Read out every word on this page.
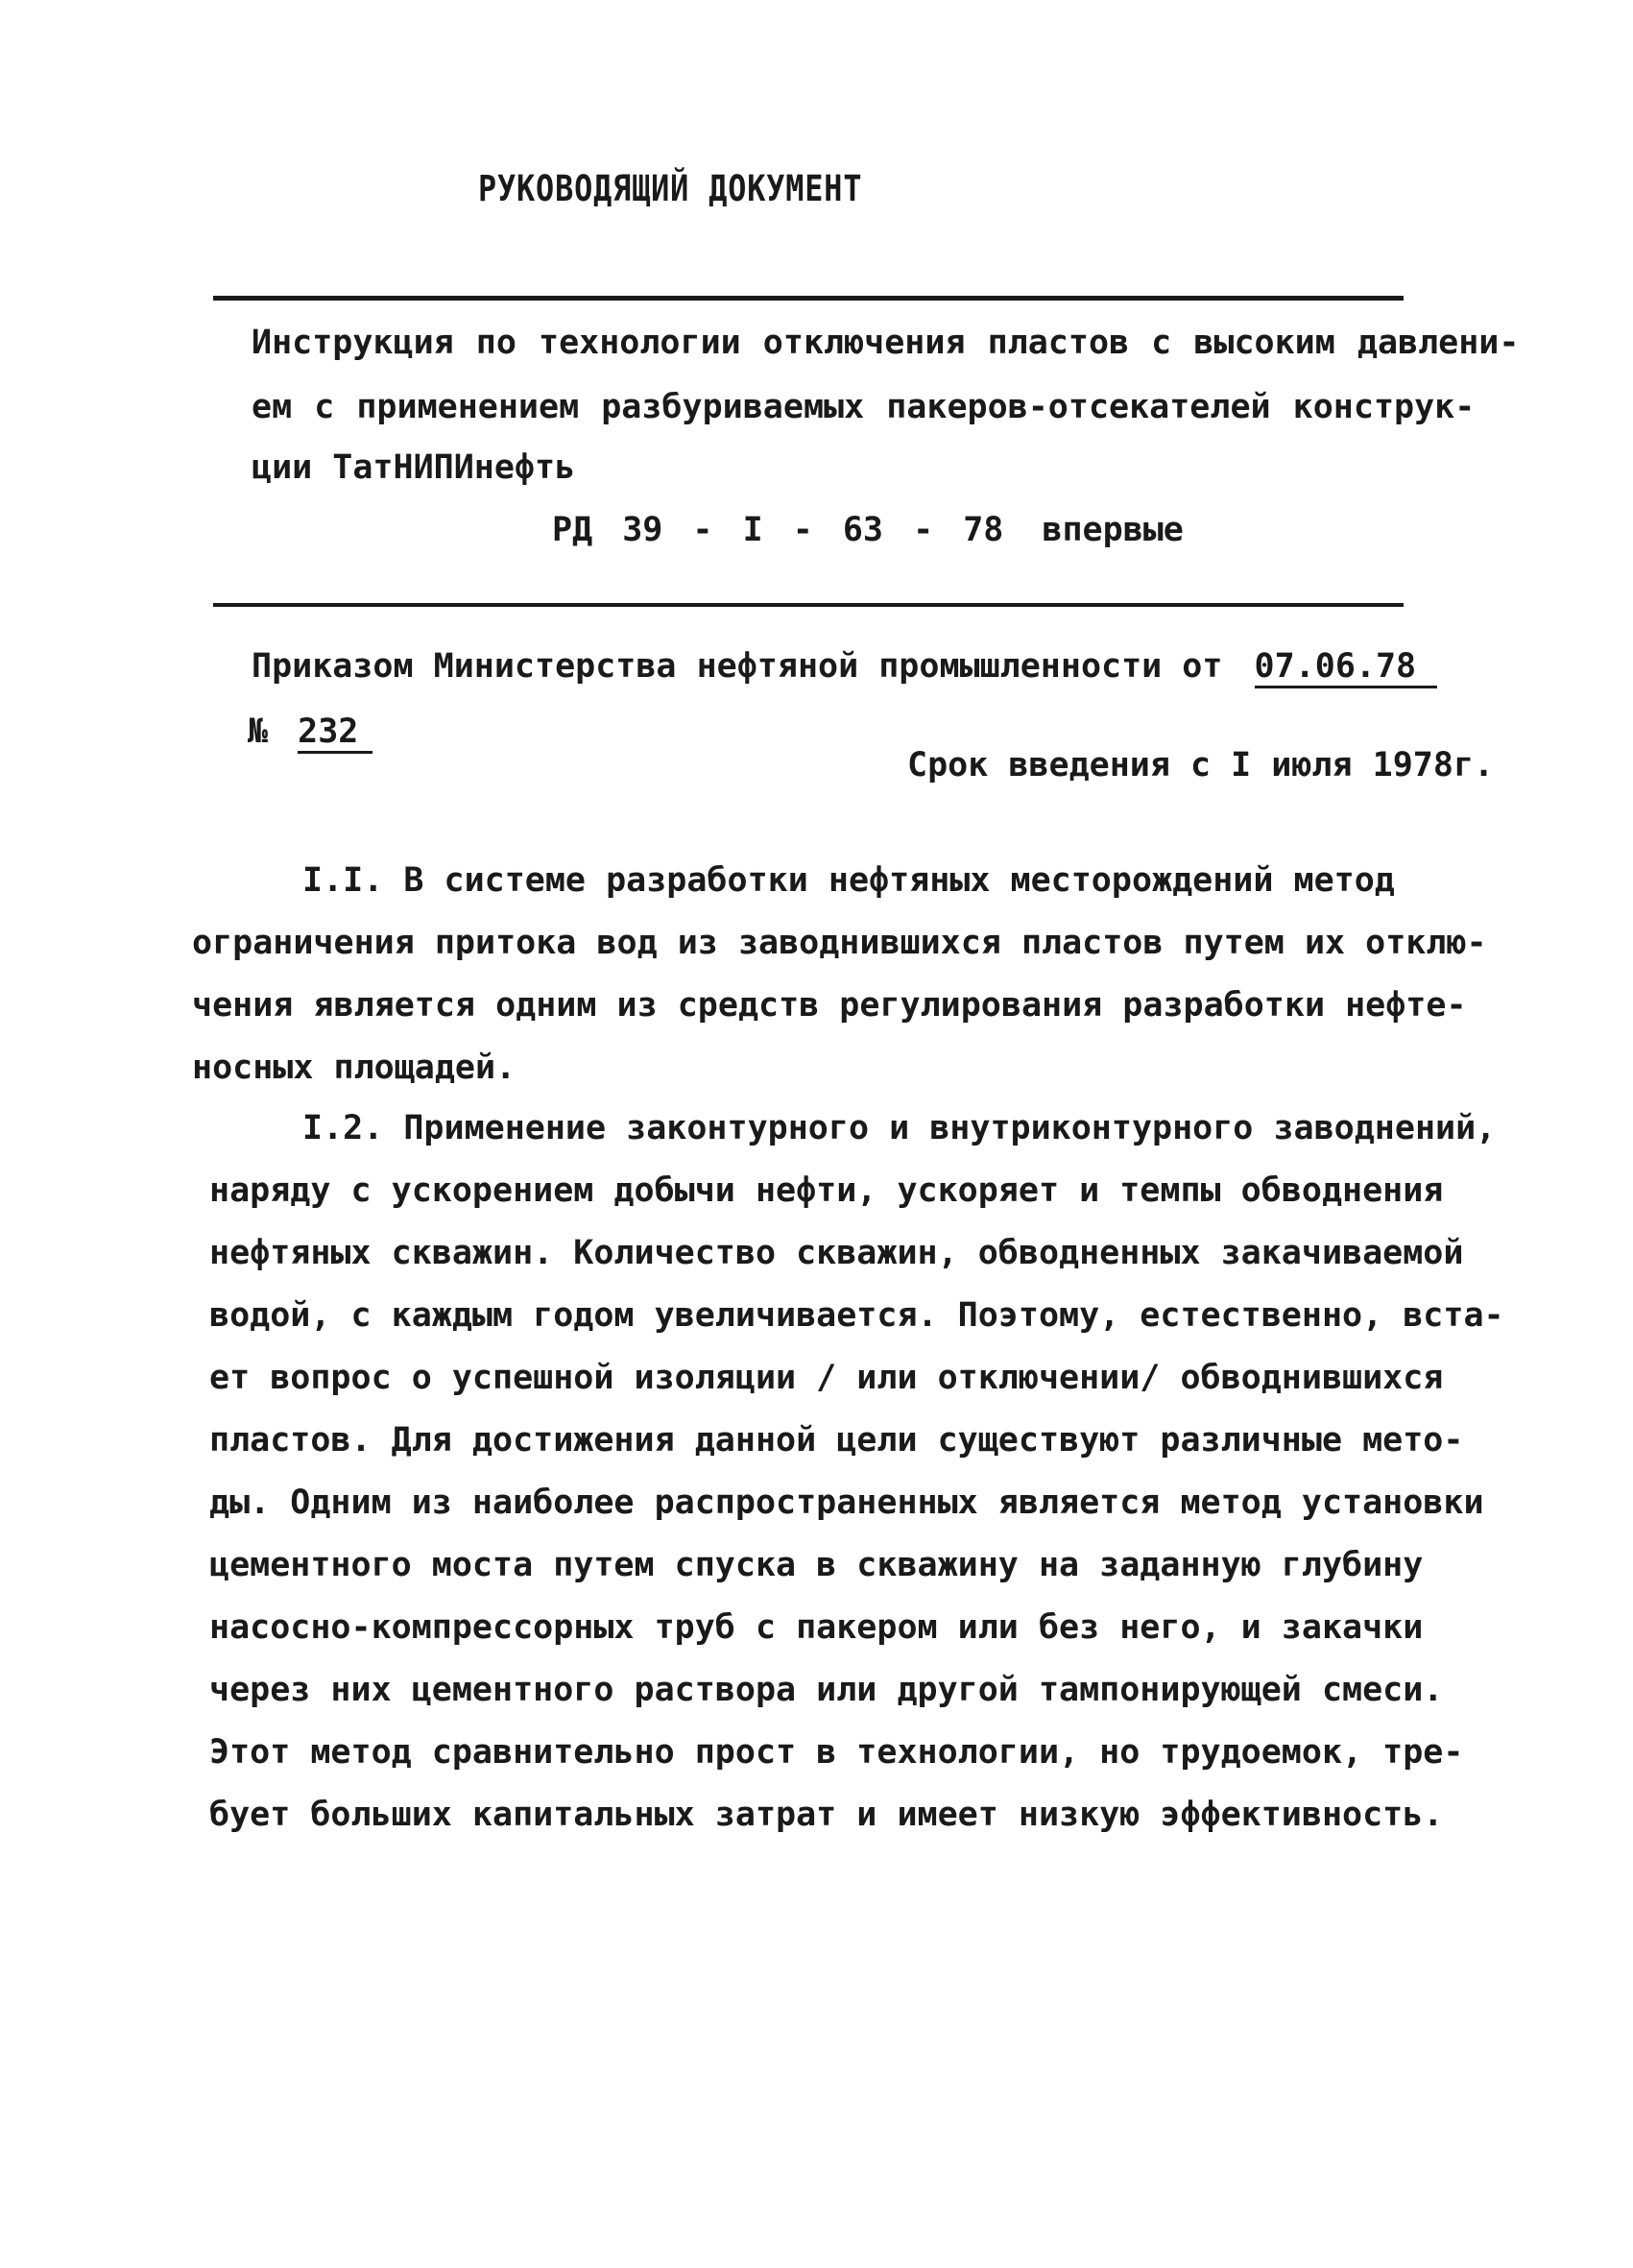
РУКОВОДЯЩИЙ ДОКУМЕНТ
Инструкция по технологии отключения пластов с высоким давлени-
ем с применением разбуриваемых пакеров-отсекателей конструк-
ции ТатНИПИнефть
РД 39 - I - 63 - 78 впервые
Приказом Министерства нефтяной промышленности от 07.06.78
№ 232
Срок введения с I июля 1978г.
I.I. В системе разработки нефтяных месторождений метод
ограничения притока вод из заводнившихся пластов путем их отклю-
чения является одним из средств регулирования разработки нефте-
носных площадей.
I.2. Применение законтурного и внутриконтурного заводнений,
наряду с ускорением добычи нефти, ускоряет и темпы обводнения
нефтяных скважин. Количество скважин, обводненных закачиваемой
водой, с каждым годом увеличивается. Поэтому, естественно, вста-
ет вопрос о успешной изоляции / или отключении/ обводнившихся
пластов. Для достижения данной цели существуют различные мето-
ды. Одним из наиболее распространенных является метод установки
цементного моста путем спуска в скважину на заданную глубину
насосно-компрессорных труб с пакером или без него, и закачки
через них цементного раствора или другой тампонирующей смеси.
Этот метод сравнительно прост в технологии, но трудоемок, тре-
бует больших капитальных затрат и имеет низкую эффективность.
